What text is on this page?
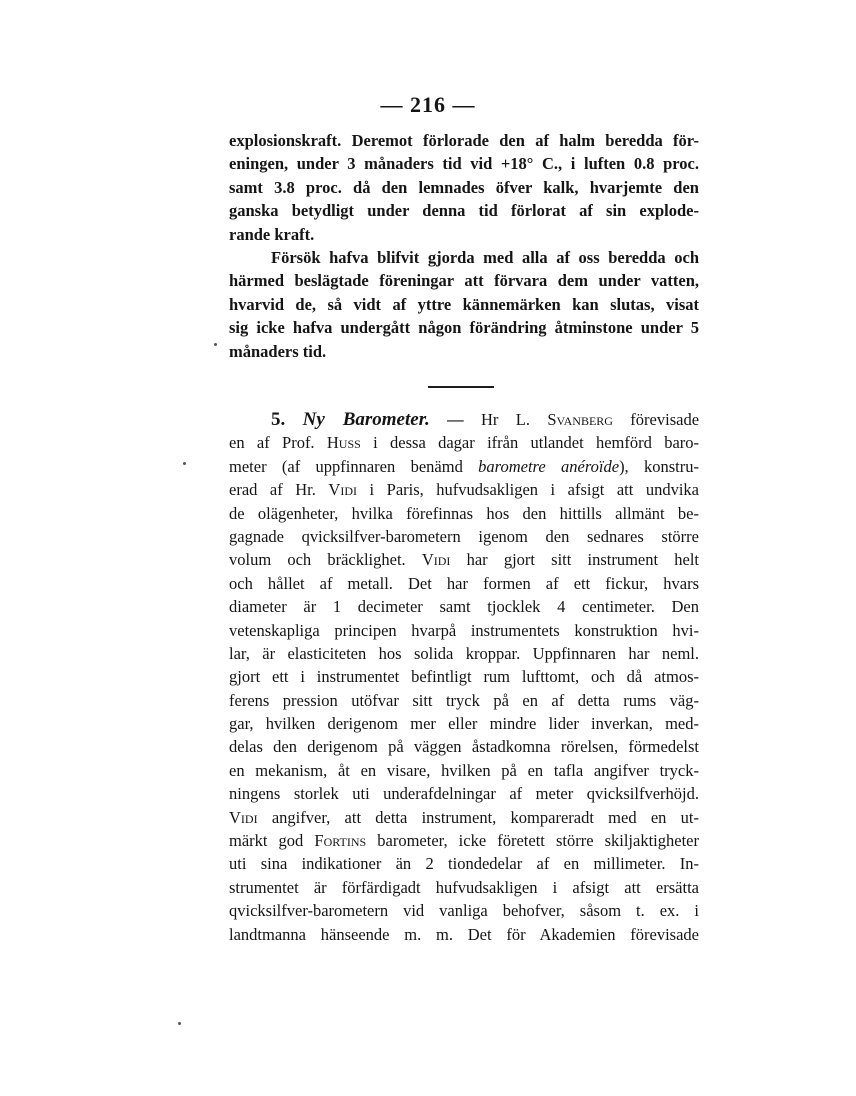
— 216 —
explosionskraft. Deremot förlorade den af halm beredda för-
eningen, under 3 månaders tid vid +18° C., i luften 0.8 proc.
samt 3.8 proc. då den lemnades öfver kalk, hvarjemte den
ganska betydligt under denna tid förlorat af sin explode-
rande kraft.
Försök hafva blifvit gjorda med alla af oss beredda och
härmed beslägtade föreningar att förvara dem under vatten,
hvarvid de, så vidt af yttre kännemärken kan slutas, visat
sig icke hafva undergått någon förändring åtminstone under 5
månaders tid.
5. Ny Barometer. — Hr L. Svanberg förevisade
en af Prof. Huss i dessa dagar ifrån utlandet hemförd baro-
meter (af uppfinnaren benämd barometre anéroïde), konstru-
erad af Hr. Vidi i Paris, hufvudsakligen i afsigt att undvika
de olägenheter, hvilka förefinnas hos den hittills allmänt be-
gagnade qvicksilfver-barometern igenom den sednares större
volum och bräcklighet. Vidi har gjort sitt instrument helt
och hållet af metall. Det har formen af ett fickur, hvars
diameter är 1 decimeter samt tjocklek 4 centimeter. Den
vetenskapliga principen hvarpå instrumentets konstruktion hvi-
lar, är elasticiteten hos solida kroppar. Uppfinnaren har neml.
gjort ett i instrumentet befintligt rum lufttomt, och då atmos-
ferens pression utöfvar sitt tryck på en af detta rums väg-
gar, hvilken derigenom mer eller mindre lider inverkan, med-
delas den derigenom på väggen åstadkomna rörelsen, förmedelst
en mekanism, åt en visare, hvilken på en tafla angifver tryck-
ningens storlek uti underafdelningar af meter qvicksilfverhöjd.
Vidi angifver, att detta instrument, kompareradt med en ut-
märkt god Fortins barometer, icke företett större skiljaktigheter
uti sina indikationer än 2 tiondedelar af en millimeter. In-
strumentet är förfärdigadt hufvudsakligen i afsigt att ersätta
qvicksilfver-barometern vid vanliga behofver, såsom t. ex. i
landtmanna hänseende m. m. Det för Akademien förevisade
